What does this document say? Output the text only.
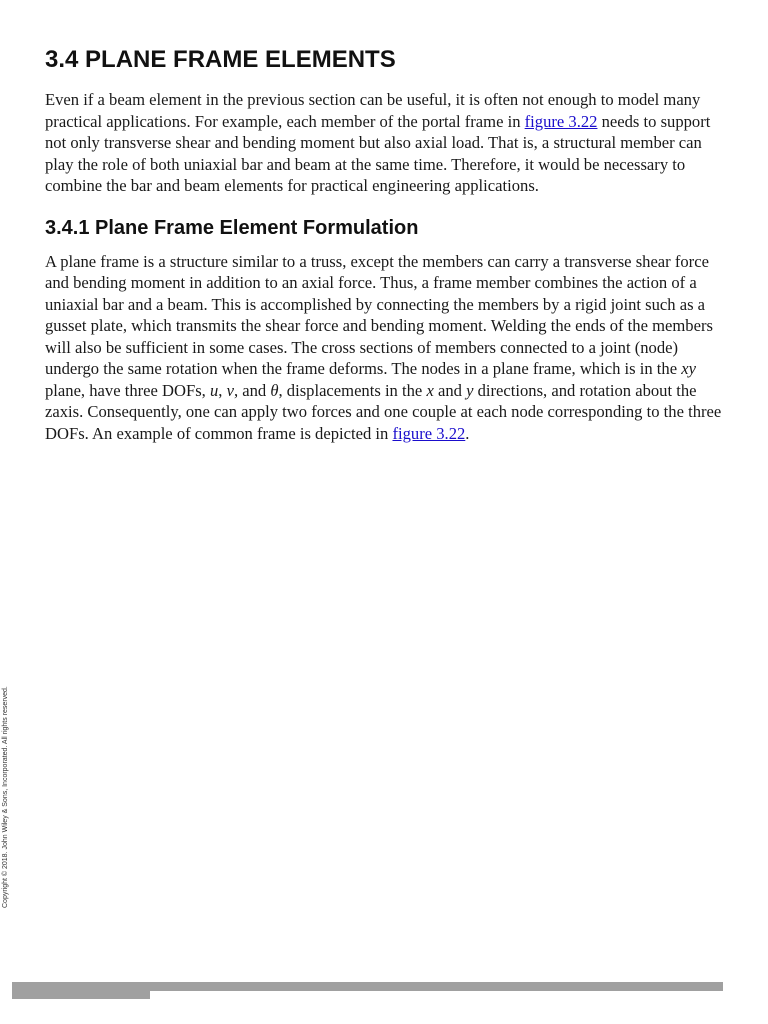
3.4 PLANE FRAME ELEMENTS

Even if a beam element in the previous section can be useful, it is often not enough to model many practical applications. For example, each member of the portal frame in figure 3.22 needs to support not only transverse shear and bending moment but also axial load. That is, a structural member can play the role of both uniaxial bar and beam at the same time. Therefore, it would be necessary to combine the bar and beam elements for practical engineering applications.

3.4.1 Plane Frame Element Formulation

A plane frame is a structure similar to a truss, except the members can carry a transverse shear force and bending moment in addition to an axial force. Thus, a frame member combines the action of a uniaxial bar and a beam. This is accomplished by connecting the members by a rigid joint such as a gusset plate, which transmits the shear force and bending moment. Welding the ends of the members will also be sufficient in some cases. The cross sections of members connected to a joint (node) undergo the same rotation when the frame deforms. The nodes in a plane frame, which is in the xyplane, have three DOFs, u, v, and θ, displacements in the x and y directions, and rotation about the zaxis. Consequently, one can apply two forces and one couple at each node corresponding to the three DOFs. An example of common frame is depicted in figure 3.22.

Copyright © 2018. John Wiley & Sons, Incorporated. All rights reserved.
